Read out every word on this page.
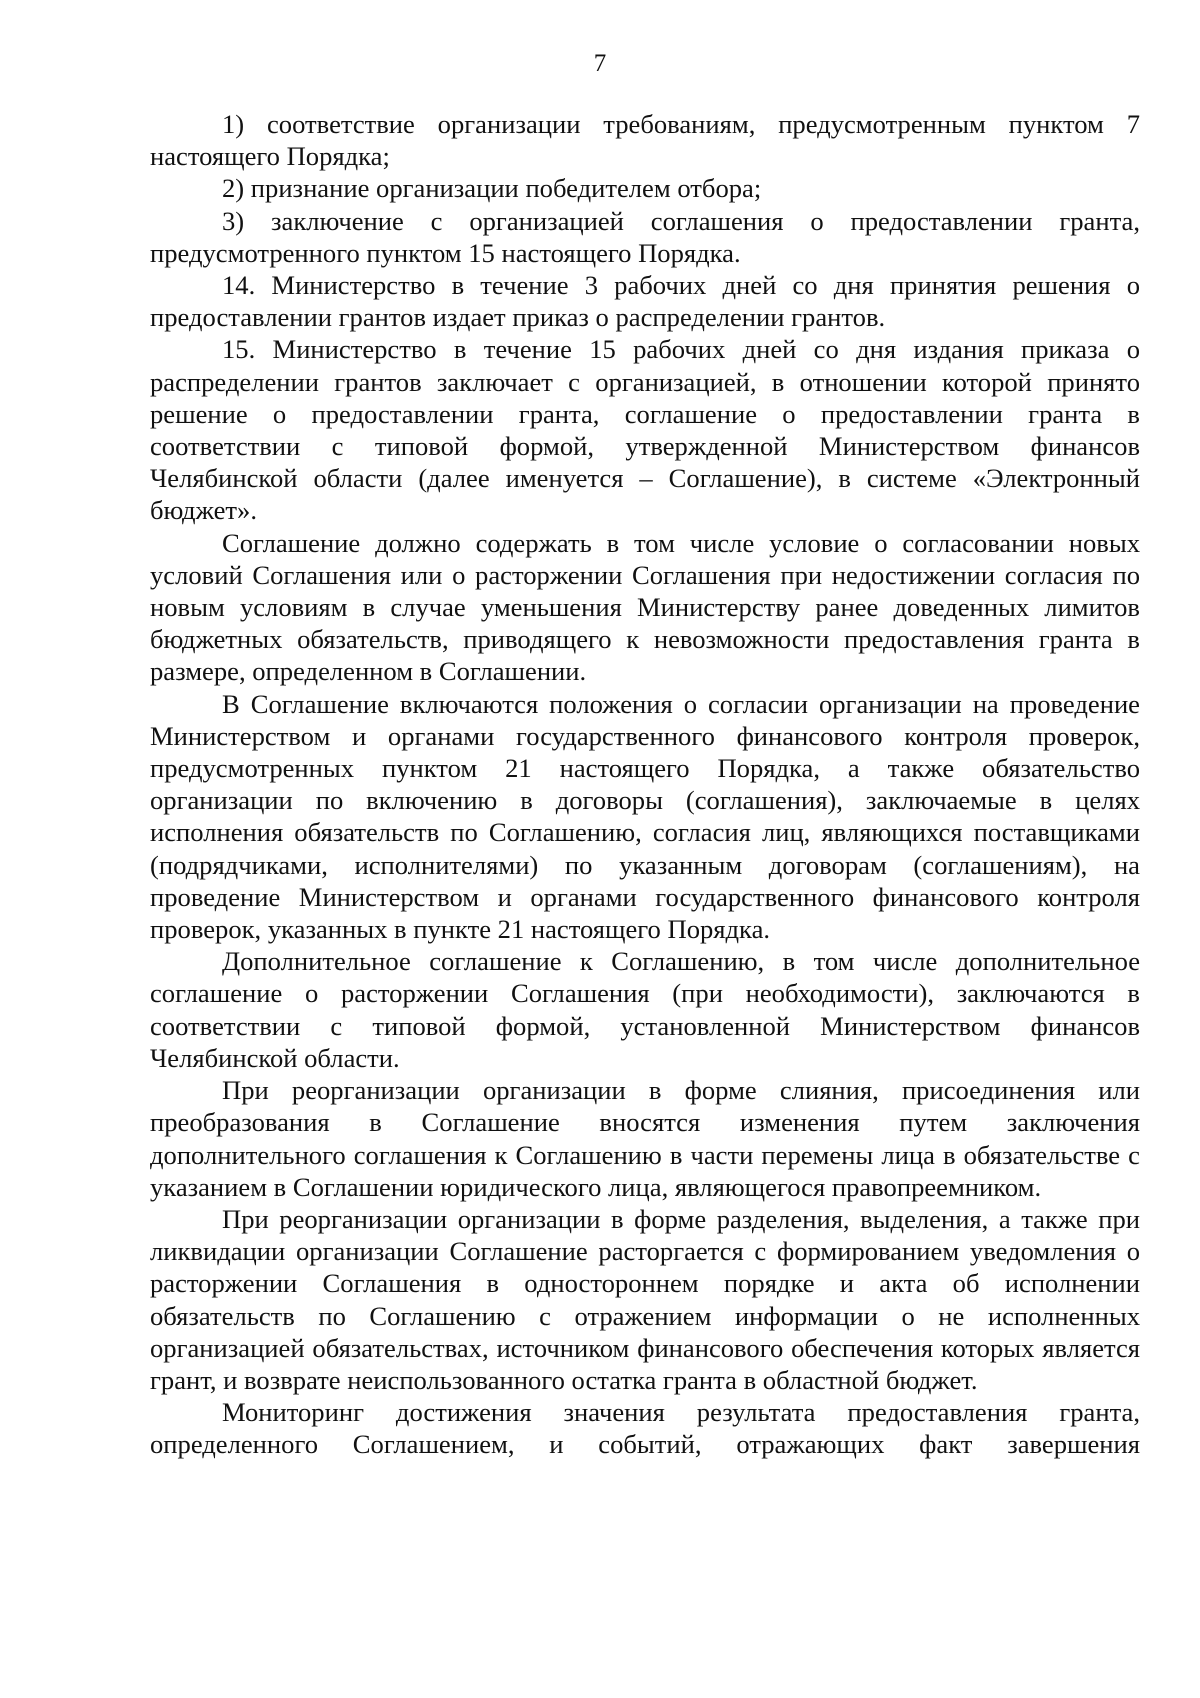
7

1) соответствие организации требованиям, предусмотренным пунктом 7 настоящего Порядка;

2) признание организации победителем отбора;

3) заключение с организацией соглашения о предоставлении гранта, предусмотренного пунктом 15 настоящего Порядка.

14. Министерство в течение 3 рабочих дней со дня принятия решения о предоставлении грантов издает приказ о распределении грантов.

15. Министерство в течение 15 рабочих дней со дня издания приказа о распределении грантов заключает с организацией, в отношении которой принято решение о предоставлении гранта, соглашение о предоставлении гранта в соответствии с типовой формой, утвержденной Министерством финансов Челябинской области (далее именуется – Соглашение), в системе «Электронный бюджет».

Соглашение должно содержать в том числе условие о согласовании новых условий Соглашения или о расторжении Соглашения при недостижении согласия по новым условиям в случае уменьшения Министерству ранее доведенных лимитов бюджетных обязательств, приводящего к невозможности предоставления гранта в размере, определенном в Соглашении.

В Соглашение включаются положения о согласии организации на проведение Министерством и органами государственного финансового контроля проверок, предусмотренных пунктом 21 настоящего Порядка, а также обязательство организации по включению в договоры (соглашения), заключаемые в целях исполнения обязательств по Соглашению, согласия лиц, являющихся поставщиками (подрядчиками, исполнителями) по указанным договорам (соглашениям), на проведение Министерством и органами государственного финансового контроля проверок, указанных в пункте 21 настоящего Порядка.

Дополнительное соглашение к Соглашению, в том числе дополнительное соглашение о расторжении Соглашения (при необходимости), заключаются в соответствии с типовой формой, установленной Министерством финансов Челябинской области.

При реорганизации организации в форме слияния, присоединения или преобразования в Соглашение вносятся изменения путем заключения дополнительного соглашения к Соглашению в части перемены лица в обязательстве с указанием в Соглашении юридического лица, являющегося правопреемником.

При реорганизации организации в форме разделения, выделения, а также при ликвидации организации Соглашение расторгается с формированием уведомления о расторжении Соглашения в одностороннем порядке и акта об исполнении обязательств по Соглашению с отражением информации о не исполненных организацией обязательствах, источником финансового обеспечения которых является грант, и возврате неиспользованного остатка гранта в областной бюджет.

Мониторинг достижения значения результата предоставления гранта, определенного Соглашением, и событий, отражающих факт завершения
